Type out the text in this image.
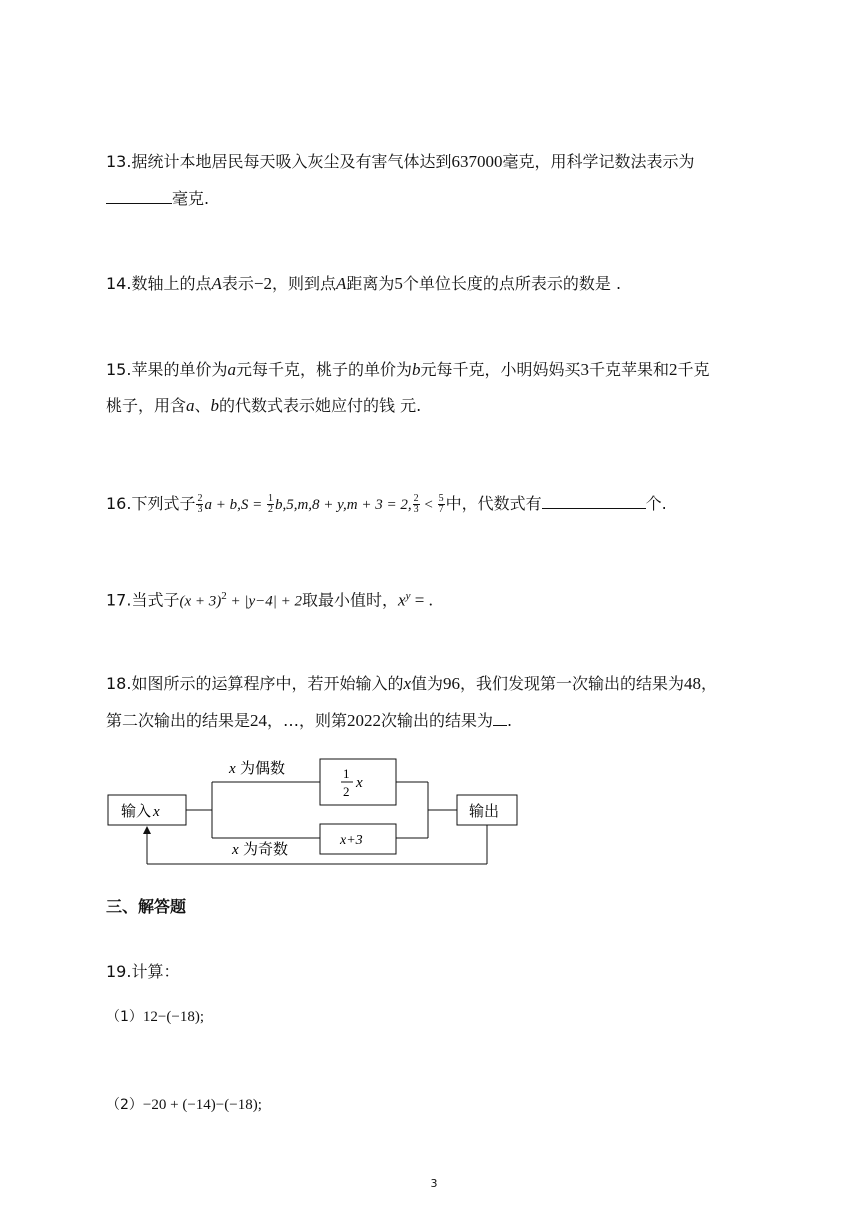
13.据统计本地居民每天吸入灰尘及有害气体达到637000毫克，用科学记数法表示为
毫克.
14.数轴上的点A表示−2，则到点A距离为5个单位长度的点所表示的数是 .
15.苹果的单价为a元每千克，桃子的单价为b元每千克，小明妈妈买3千克苹果和2千克
桃子，用含a、b的代数式表示她应付的钱 元.
16.下列式子 $\frac{2}{3}$ $a + b,S = \frac{1}{2} b,5,m,8 + y,m + 3 = 2$, $\frac{2}{3} < \frac{5}{7}$ 中，代数式有	个.
17.当式子$(x + 3)^2 + |y-4| + 2$取最小值时，$x^y$ = .
18.如图所示的运算程序中，若开始输入的x值为96，我们发现第一次输出的结果为48，
第二次输出的结果是24，…，则第2022次输出的结果为 .
输入 x
x 为偶数
x 为奇数
1
2
x
x+3
输出
三、解答题
19.计算：
（1）12−(−18);
（2）−20 + (−14)−(−18);
3
